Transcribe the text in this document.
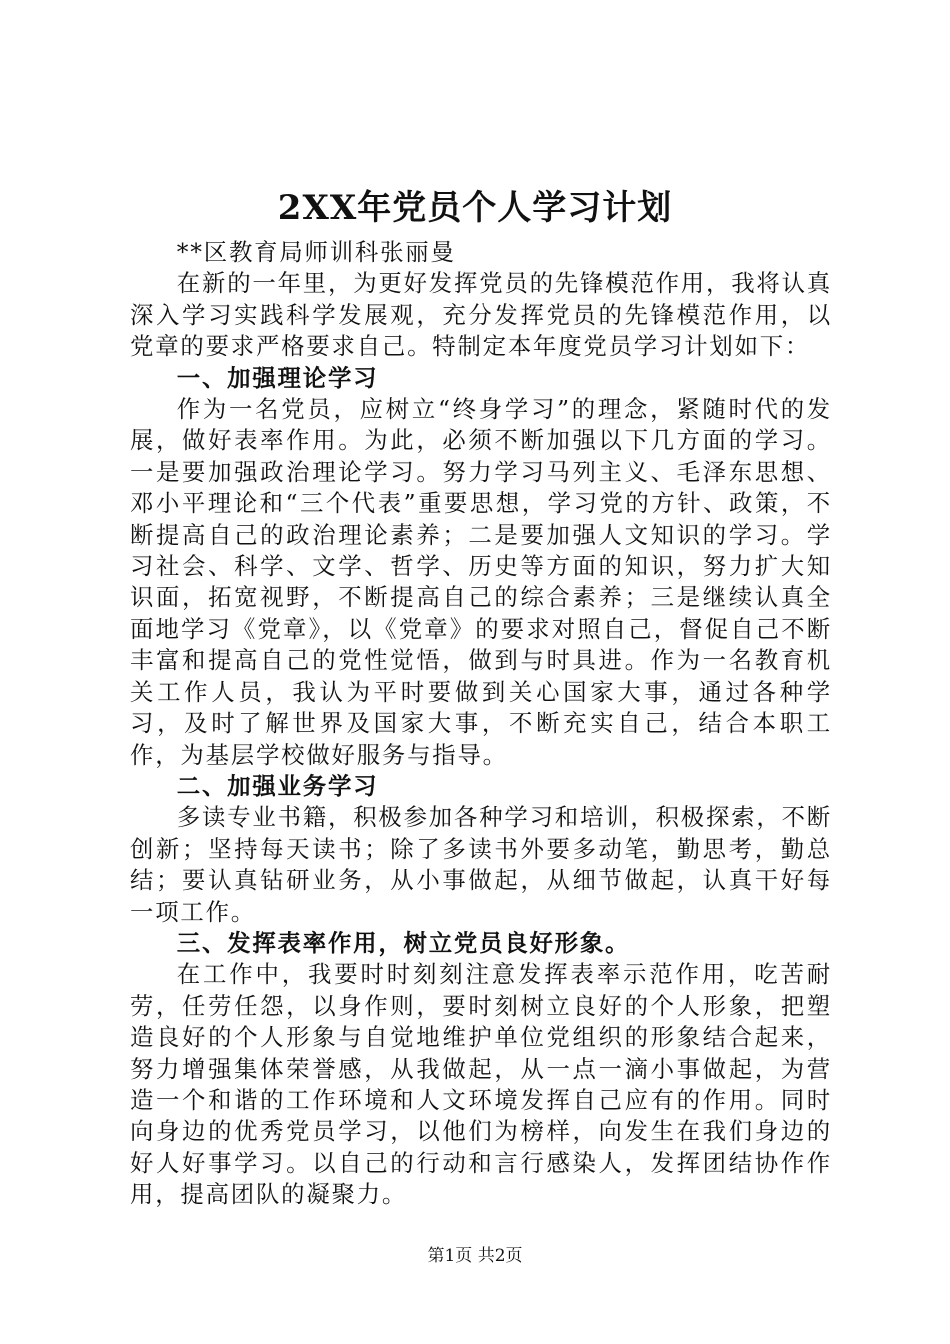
2XX年党员个人学习计划

**区教育局师训科张丽曼

在新的一年里，为更好发挥党员的先锋模范作用，我将认真深入学习实践科学发展观，充分发挥党员的先锋模范作用，以党章的要求严格要求自己。特制定本年度党员学习计划如下：

一、加强理论学习

作为一名党员，应树立“终身学习”的理念，紧随时代的发展，做好表率作用。为此，必须不断加强以下几方面的学习。一是要加强政治理论学习。努力学习马列主义、毛泽东思想、邓小平理论和“三个代表”重要思想，学习党的方针、政策，不断提高自己的政治理论素养；二是要加强人文知识的学习。学习社会、科学、文学、哲学、历史等方面的知识，努力扩大知识面，拓宽视野，不断提高自己的综合素养；三是继续认真全面地学习《党章》，以《党章》的要求对照自己，督促自己不断丰富和提高自己的党性觉悟，做到与时具进。作为一名教育机关工作人员，我认为平时要做到关心国家大事，通过各种学习，及时了解世界及国家大事，不断充实自己，结合本职工作，为基层学校做好服务与指导。

二、加强业务学习

多读专业书籍，积极参加各种学习和培训，积极探索，不断创新；坚持每天读书；除了多读书外要多动笔，勤思考，勤总结；要认真钻研业务，从小事做起，从细节做起，认真干好每一项工作。

三、发挥表率作用，树立党员良好形象。

在工作中，我要时时刻刻注意发挥表率示范作用，吃苦耐劳，任劳任怨，以身作则，要时刻树立良好的个人形象，把塑造良好的个人形象与自觉地维护单位党组织的形象结合起来，努力增强集体荣誉感，从我做起，从一点一滴小事做起，为营造一个和谐的工作环境和人文环境发挥自己应有的作用。同时向身边的优秀党员学习，以他们为榜样，向发生在我们身边的好人好事学习。以自己的行动和言行感染人，发挥团结协作作用，提高团队的凝聚力。

第1页 共2页
